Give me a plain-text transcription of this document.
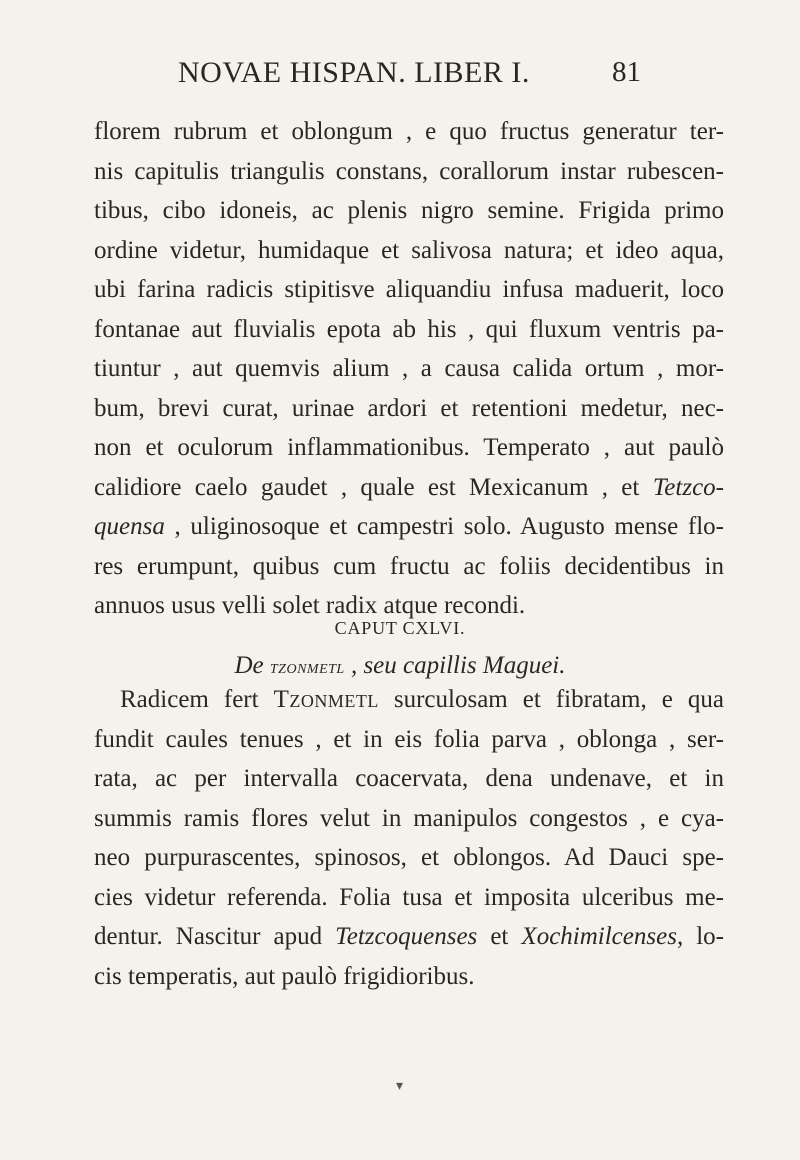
NOVAE HISPAN. LIBER I.	81
florem rubrum et oblongum , e quo fructus generatur ter-
nis capitulis triangulis constans, corallorum instar rubescen-
tibus, cibo idoneis, ac plenis nigro semine. Frigida primo
ordine videtur, humidaque et salivosa natura; et ideo aqua,
ubi farina radicis stipitisve aliquandiu infusa maduerit, loco
fontanae aut fluvialis epota ab his , qui fluxum ventris pa-
tiuntur , aut quemvis alium , a causa calida ortum , mor-
bum, brevi curat, urinae ardori et retentioni medetur, nec-
non et oculorum inflammationibus. Temperato , aut paulò
calidiore caelo gaudet , quale est Mexicanum , et Tetzco-
quensa , uliginosoque et campestri solo. Augusto mense flo-
res erumpunt, quibus cum fructu ac foliis decidentibus in
annuos usus velli solet radix atque recondi.
CAPUT CXLVI.
De tzonmetl , seu capillis Maguei.
Radicem fert Tzonmetl surculosam et fibratam, e qua
fundit caules tenues , et in eis folia parva , oblonga , ser-
rata, ac per intervalla coacervata, dena undenave, et in
summis ramis flores velut in manipulos congestos , e cya-
neo purpurascentes, spinosos, et oblongos. Ad Dauci spe-
cies videtur referenda. Folia tusa et imposita ulceribus me-
dentur. Nascitur apud Tetzcoquenses et Xochimilcenses, lo-
cis temperatis, aut paulò frigidioribus.
▾
